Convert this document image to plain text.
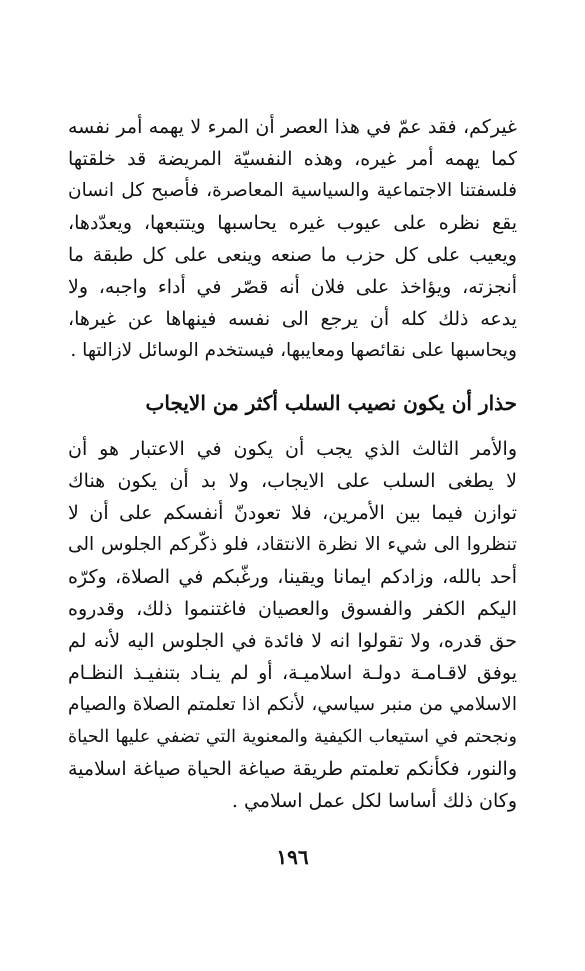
غيركم، فقد عمّ في هذا العصر أن المرء لا يهمه أمر نفسه
كما يهمه أمر غيره، وهذه النفسيّة المريضة قد خلقتها
فلسفتنا الاجتماعية والسياسية المعاصرة، فأصبح كل انسان
يقع نظره على عيوب غيره يحاسبها ويتتبعها، ويعدّدها،
ويعيب على كل حزب ما صنعه وينعى على كل طبقة ما
أنجزته، ويؤاخذ على فلان أنه قصّر في أداء واجبه، ولا
يدعه ذلك كله أن يرجع الى نفسه فينهاها عن غيرها،
ويحاسبها على نقائصها ومعايبها، فيستخدم الوسائل لازالتها .
حذار أن يكون نصيب السلب أكثر من الايجاب
والأمر الثالث الذي يجب أن يكون في الاعتبار هو أن
لا يطغى السلب على الايجاب، ولا بد أن يكون هناك
توازن فيما بين الأمرين، فلا تعودنّ أنفسكم على أن لا
تنظروا الى شيء الا نظرة الانتقاد، فلو ذكّركم الجلوس الى
أحد بالله، وزادكم ايمانا ويقينا، ورغّبكم في الصلاة، وكرّه
اليكم الكفر والفسوق والعصيان فاغتنموا ذلك، وقدروه
حق قدره، ولا تقولوا انه لا فائدة في الجلوس اليه لأنه لم
يوفق لاقـامـة دولـة اسلاميـة، أو لم ينـاد بتنفيـذ النظـام
الاسلامي من منبر سياسي، لأنكم اذا تعلمتم الصلاة والصيام
ونجحتم في استيعاب الكيفية والمعنوية التي تضفي عليها الحياة
والنور، فكأنكم تعلمتم طريقة صياغة الحياة صياغة اسلامية
وكان ذلك أساسا لكل عمل اسلامي .
١٩٦
